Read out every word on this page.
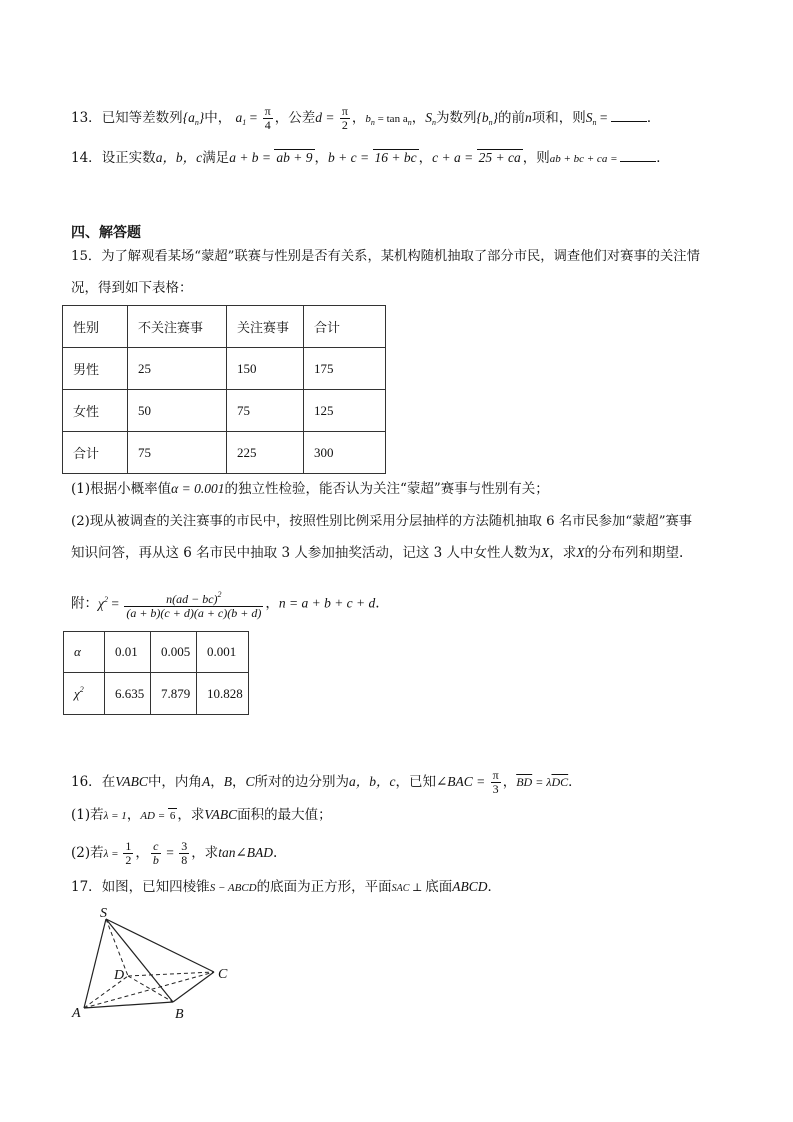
13．已知等差数列$\{a_n\}$中， $a_1 = \frac{\pi}{4}$ ，公差$d = \frac{\pi}{2}$ ，$b_n = \tan a_n$，$S_n$为数列$\{b_n\}$的前n项和，则$S_n$ =	．
14．设正实数a，b，c满足a + b = ab + 9 ，b + c = 16 + bc ，c + a = 25 + ca ，则ab + bc + ca =	．
四、解答题
15．为了解观看某场“蒙超”联赛与性别是否有关系，某机构随机抽取了部分市民，调查他们对赛事的关注情
况，得到如下表格：
性别	不关注赛事	关注赛事	合计
男性	25	150	175
女性	50	75	125
合计	75	225	300
(1)根据小概率值α = 0.001的独立性检验，能否认为关注“蒙超”赛事与性别有关；
(2)现从被调查的关注赛事的市民中，按照性别比例采用分层抽样的方法随机抽取 6 名市民参加“蒙超”赛事
知识问答，再从这 6 名市民中抽取 3 人参加抽奖活动，记这 3 人中女性人数为X，求X的分布列和期望.
附：$\chi^2 = \frac{n(ad - bc)^2}{(a + b)(c + d)(a + c)(b + d)}$ ，n = a + b + c + d.
α	0.01	0.005	0.001
$\chi^2$	6.635	7.879	10.828
16．在VABC中，内角A，B，C所对的边分别为a，b，c，已知∠BAC = $\frac{\pi}{3}$ ，$\overline{BD} = \lambda\overline{DC}$．
(1)若λ = 1，AD = 6 ，求VABC面积的最大值；
(2)若$\lambda = \frac{1}{2}$ ， $\frac{c}{b} = \frac{3}{8}$ ，求tan∠BAD.
17．如图，已知四棱锥S − ABCD的底面为正方形，平面SAC ⊥ 底面ABCD．
S
D	C
A	B
